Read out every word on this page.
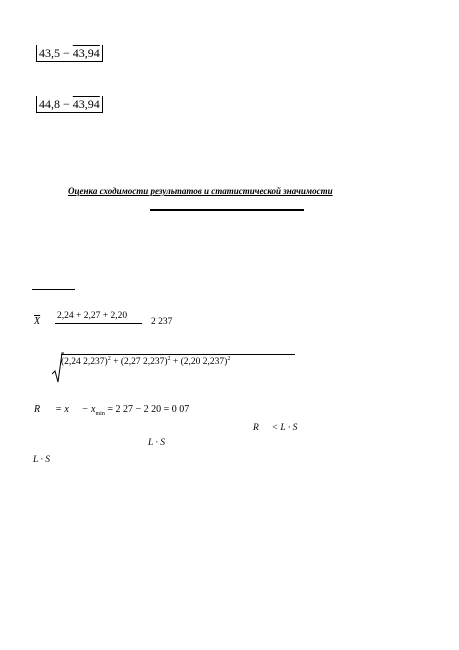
43,5 − 43,94
44,8 − 43,94
Оценка сходимости результатов и статистической значимости
$\overline{X}$ 2,24 + 2,27 + 2,20
2 237
(2,24 2,237)$^2$ + (2,27 2,237)$^2$ + (2,20 2,237)$^2$
$R = x - x_{min} = 2$ 27 − 2 20 = 0 07
R < L · S
L · S
L · S
